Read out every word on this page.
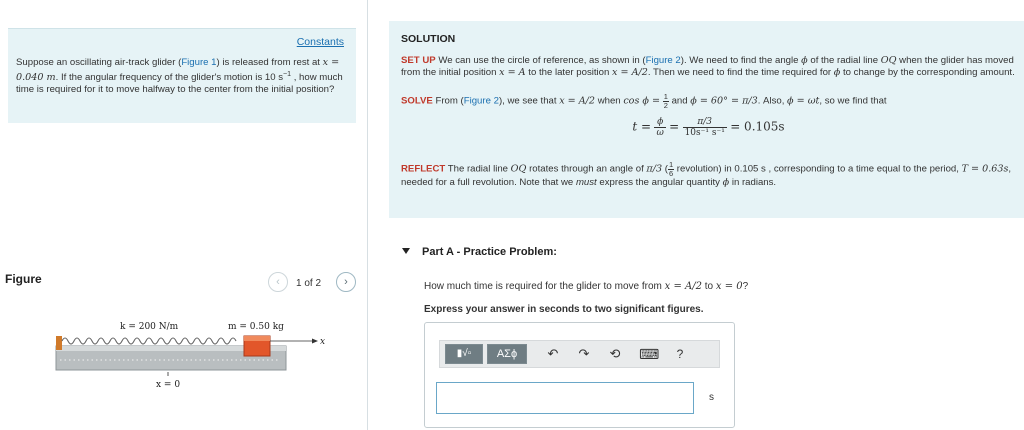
Constants
Suppose an oscillating air-track glider (Figure 1) is released from rest at x = 0.040 m. If the angular frequency of the glider's motion is 10 $s^{-1}$ , how much time is required for it to move halfway to the center from the initial position?
Figure	‹	1 of 2	›
k = 200 N/m	m = 0.50 kg
x
x = 0
SOLUTION
SET UP We can use the circle of reference, as shown in (Figure 2). We need to find the angle ϕ of the radial line OQ when the glider has moved from the initial position x = A to the later position x = A/2. Then we need to find the time required for ϕ to change by the corresponding amount.
SOLVE From (Figure 2), we see that x = A/2 when $\cos \phi = \frac{1}{2}$ and ϕ = 60° = π/3. Also, ϕ = ωt, so we find that
$t = \frac{\phi}{\omega} = \frac{\pi/3}{\text{10s⁻¹ s⁻¹}} = 0.105s$
REFLECT The radial line OQ rotates through an angle of π/3 ( $\frac{1}{6}$ revolution) in 0.105 s , corresponding to a time equal to the period, T = 0.63s, needed for a full revolution. Note that we must express the angular quantity ϕ in radians.
Part A - Practice Problem:
How much time is required for the glider to move from x = A/2 to x = 0?
Express your answer in seconds to two significant figures.
▮√▫	ΑΣϕ	↶ ↷ ⟲ ⌨	?
s
